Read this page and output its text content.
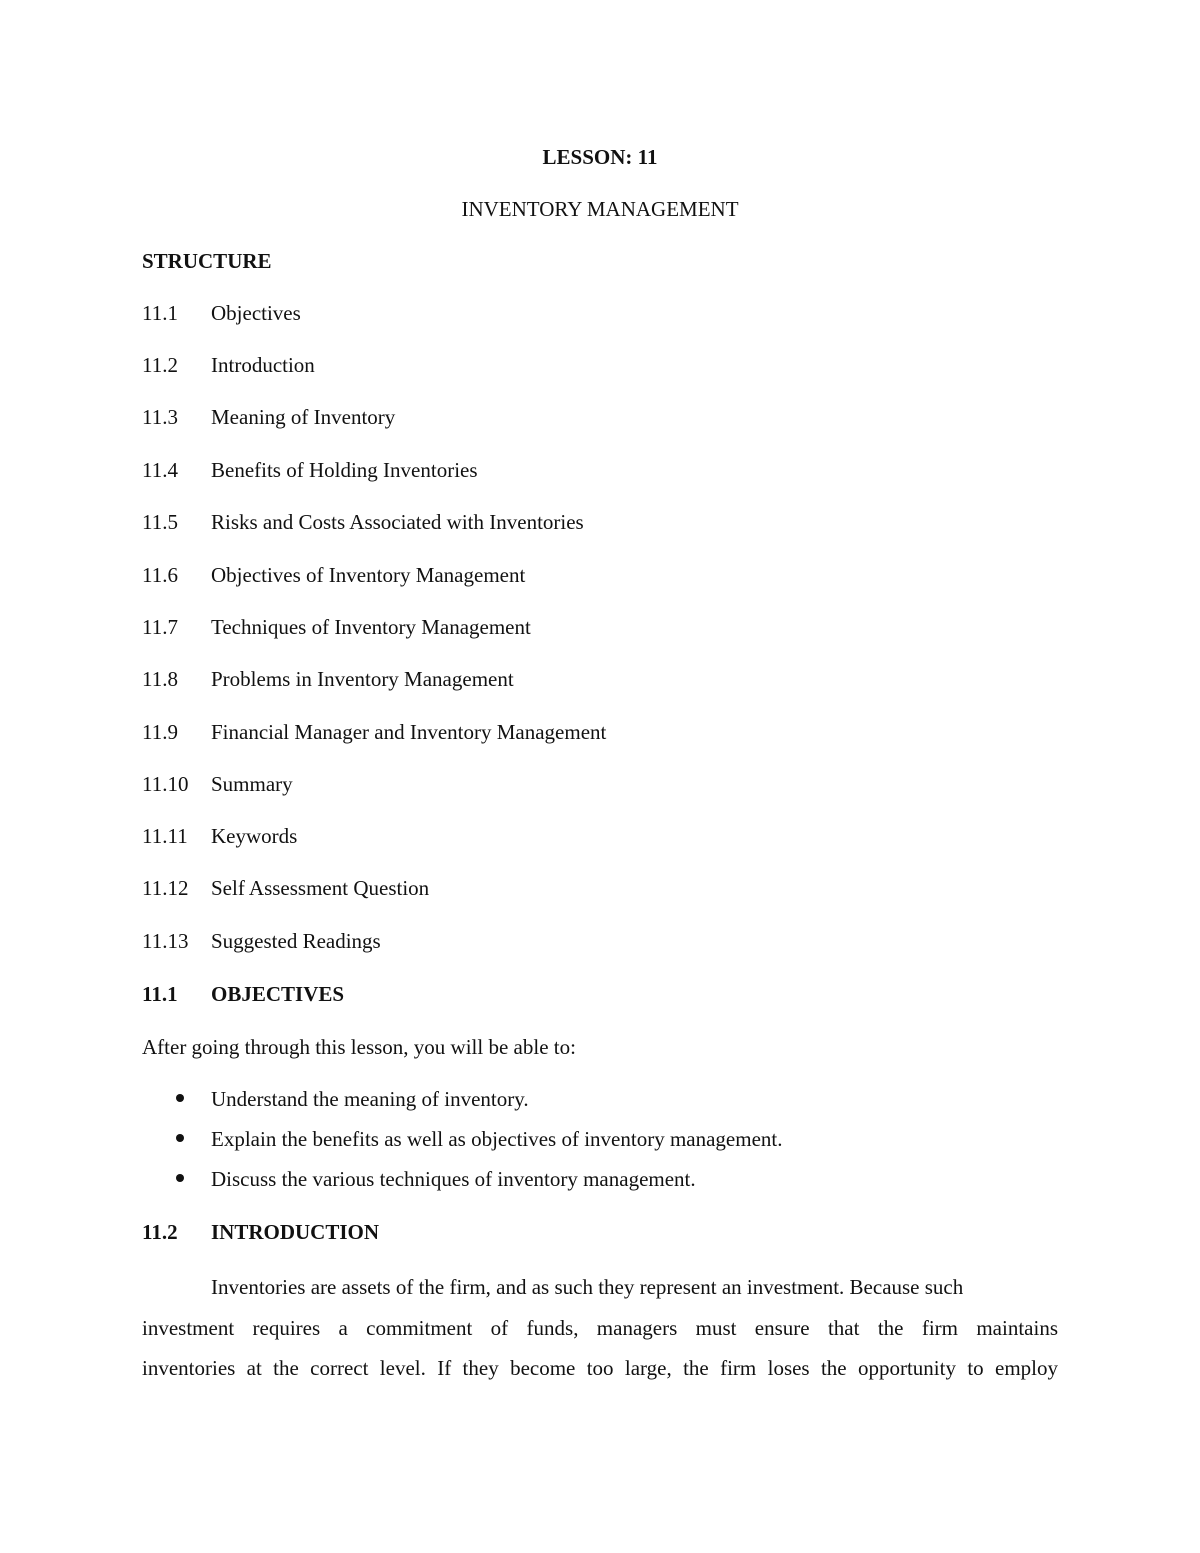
LESSON: 11
INVENTORY MANAGEMENT
STRUCTURE
11.1 Objectives
11.2 Introduction
11.3 Meaning of Inventory
11.4 Benefits of Holding Inventories
11.5 Risks and Costs Associated with Inventories
11.6 Objectives of Inventory Management
11.7 Techniques of Inventory Management
11.8 Problems in Inventory Management
11.9 Financial Manager and Inventory Management
11.10 Summary
11.11 Keywords
11.12 Self Assessment Question
11.13 Suggested Readings
11.1 OBJECTIVES
After going through this lesson, you will be able to:
Understand the meaning of inventory.
Explain the benefits as well as objectives of inventory management.
Discuss the various techniques of inventory management.
11.2 INTRODUCTION
Inventories are assets of the firm, and as such they represent an investment. Because such
investment requires a commitment of funds, managers must ensure that the firm maintains
inventories at the correct level. If they become too large, the firm loses the opportunity to employ
